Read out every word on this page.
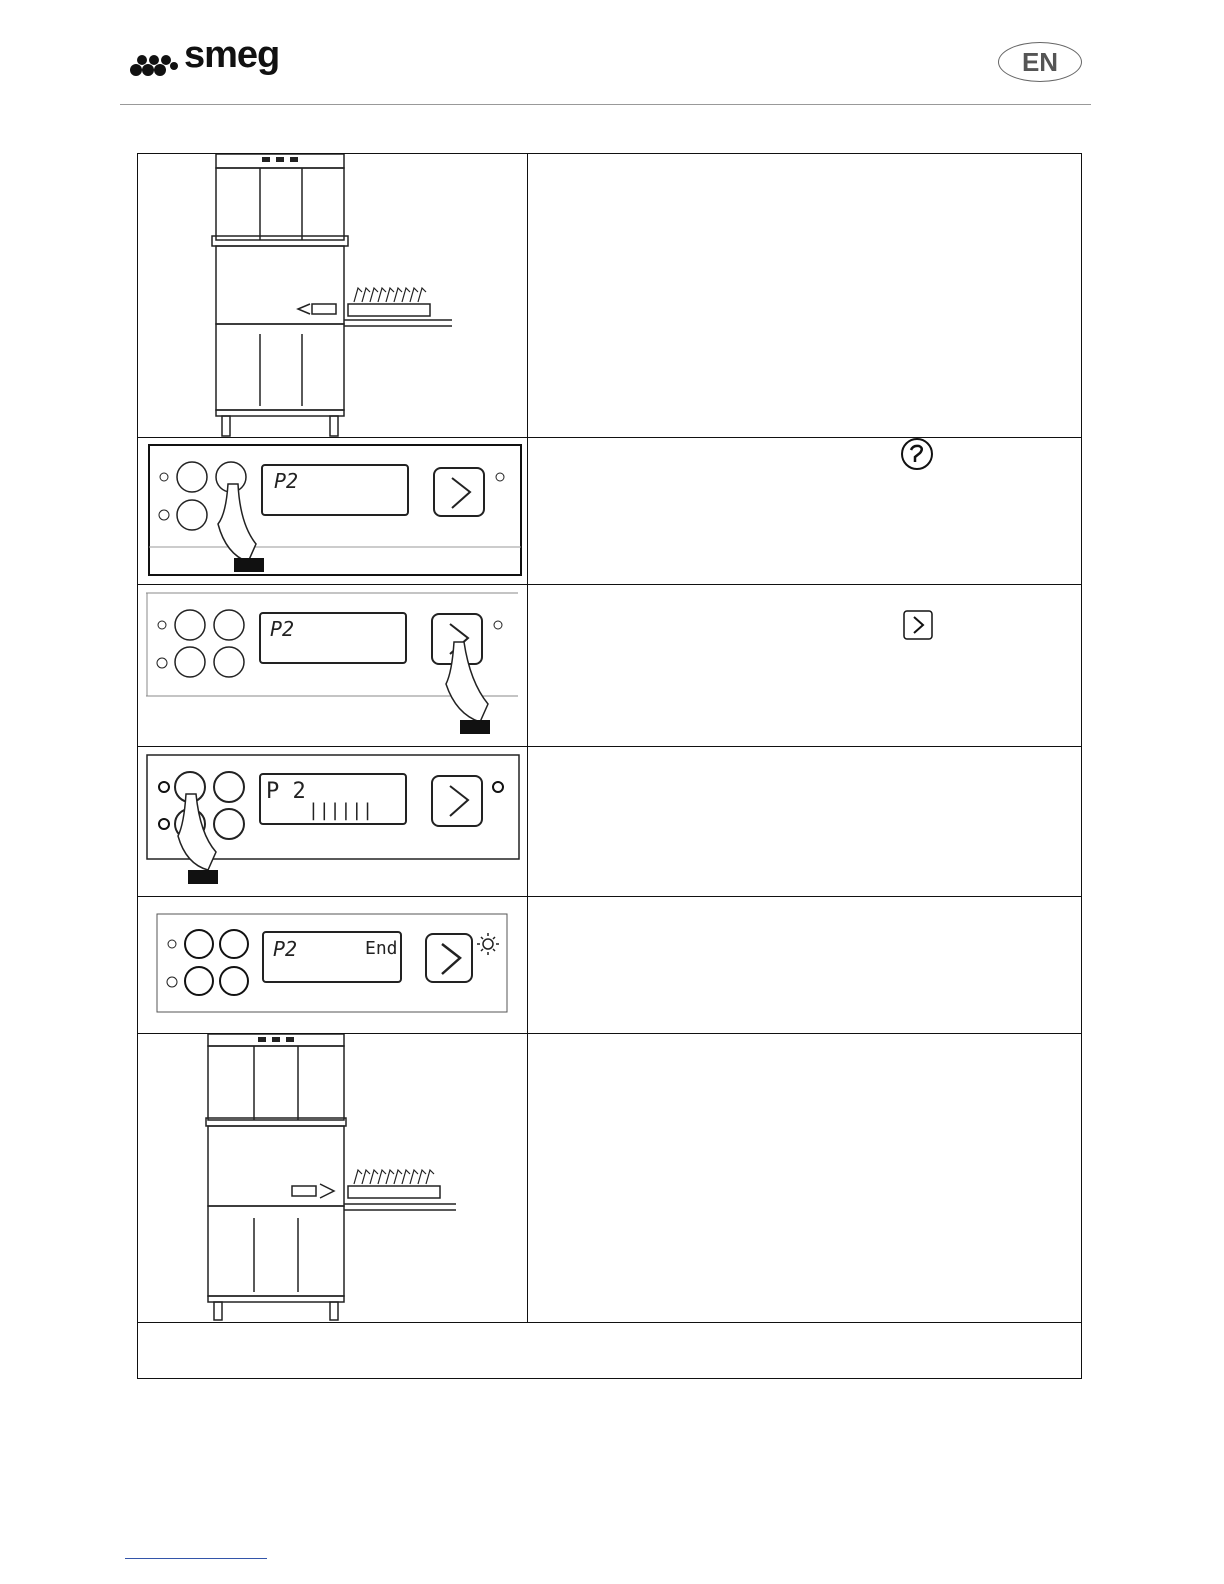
smeg	EN
P2
P2
P 2
||||||
P2	End
